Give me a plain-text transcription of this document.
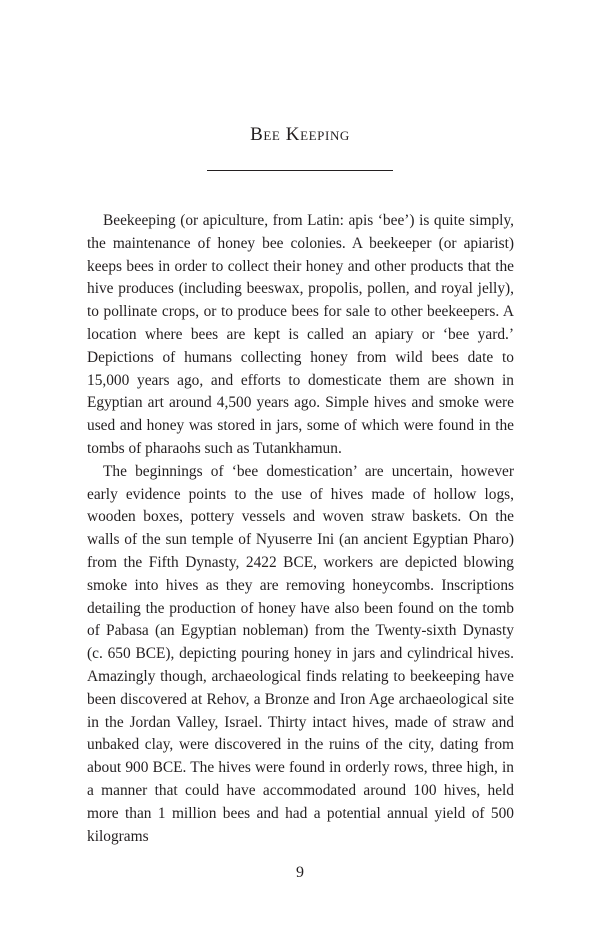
Bee Keeping

Beekeeping (or apiculture, from Latin: apis ‘bee’) is quite simply, the maintenance of honey bee colonies. A beekeeper (or apiarist) keeps bees in order to collect their honey and other products that the hive produces (including beeswax, propolis, pollen, and royal jelly), to pollinate crops, or to produce bees for sale to other beekeepers. A location where bees are kept is called an apiary or ‘bee yard.’ Depictions of humans collecting honey from wild bees date to 15,000 years ago, and efforts to domesticate them are shown in Egyptian art around 4,500 years ago. Simple hives and smoke were used and honey was stored in jars, some of which were found in the tombs of pharaohs such as Tutankhamun.

The beginnings of ‘bee domestication’ are uncertain, however early evidence points to the use of hives made of hollow logs, wooden boxes, pottery vessels and woven straw baskets. On the walls of the sun temple of Nyuserre Ini (an ancient Egyptian Pharo) from the Fifth Dynasty, 2422 BCE, workers are depicted blowing smoke into hives as they are removing honeycombs. Inscriptions detailing the production of honey have also been found on the tomb of Pabasa (an Egyptian nobleman) from the Twenty-sixth Dynasty (c. 650 BCE), depicting pouring honey in jars and cylindrical hives. Amazingly though, archaeological finds relating to beekeeping have been discovered at Rehov, a Bronze and Iron Age archaeological site in the Jordan Valley, Israel. Thirty intact hives, made of straw and unbaked clay, were discovered in the ruins of the city, dating from about 900 BCE. The hives were found in orderly rows, three high, in a manner that could have accommodated around 100 hives, held more than 1 million bees and had a potential annual yield of 500 kilograms

9
